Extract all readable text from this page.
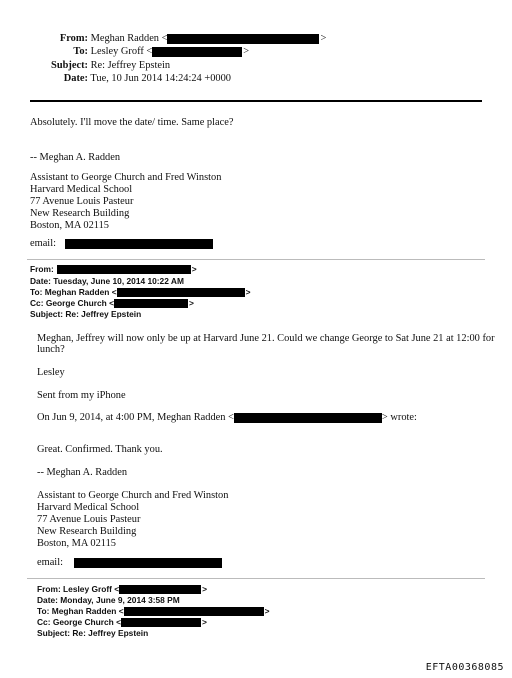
From: Meghan Radden <	>
To: Lesley Groff <	>
Subject: Re: Jeffrey Epstein
Date: Tue, 10 Jun 2014 14:24:24 +0000
Absolutely. I'll move the date/ time. Same place?
-- Meghan A. Radden
Assistant to George Church and Fred Winston
Harvard Medical School
77 Avenue Louis Pasteur
New Research Building
Boston, MA 02115
email:
From:	>
Date: Tuesday, June 10, 2014 10:22 AM
To: Meghan Radden <	>
Cc: George Church <	>
Subject: Re: Jeffrey Epstein
Meghan, Jeffrey will now only be up at Harvard June 21. Could we change George to Sat June 21 at 12:00 for
lunch?
Lesley
Sent from my iPhone
On Jun 9, 2014, at 4:00 PM, Meghan Radden <	> wrote:
Great. Confirmed. Thank you.
-- Meghan A. Radden
Assistant to George Church and Fred Winston
Harvard Medical School
77 Avenue Louis Pasteur
New Research Building
Boston, MA 02115
email:
From: Lesley Groff <	>
Date: Monday, June 9, 2014 3:58 PM
To: Meghan Radden <	>
Cc: George Church <	>
Subject: Re: Jeffrey Epstein
EFTA00368085
